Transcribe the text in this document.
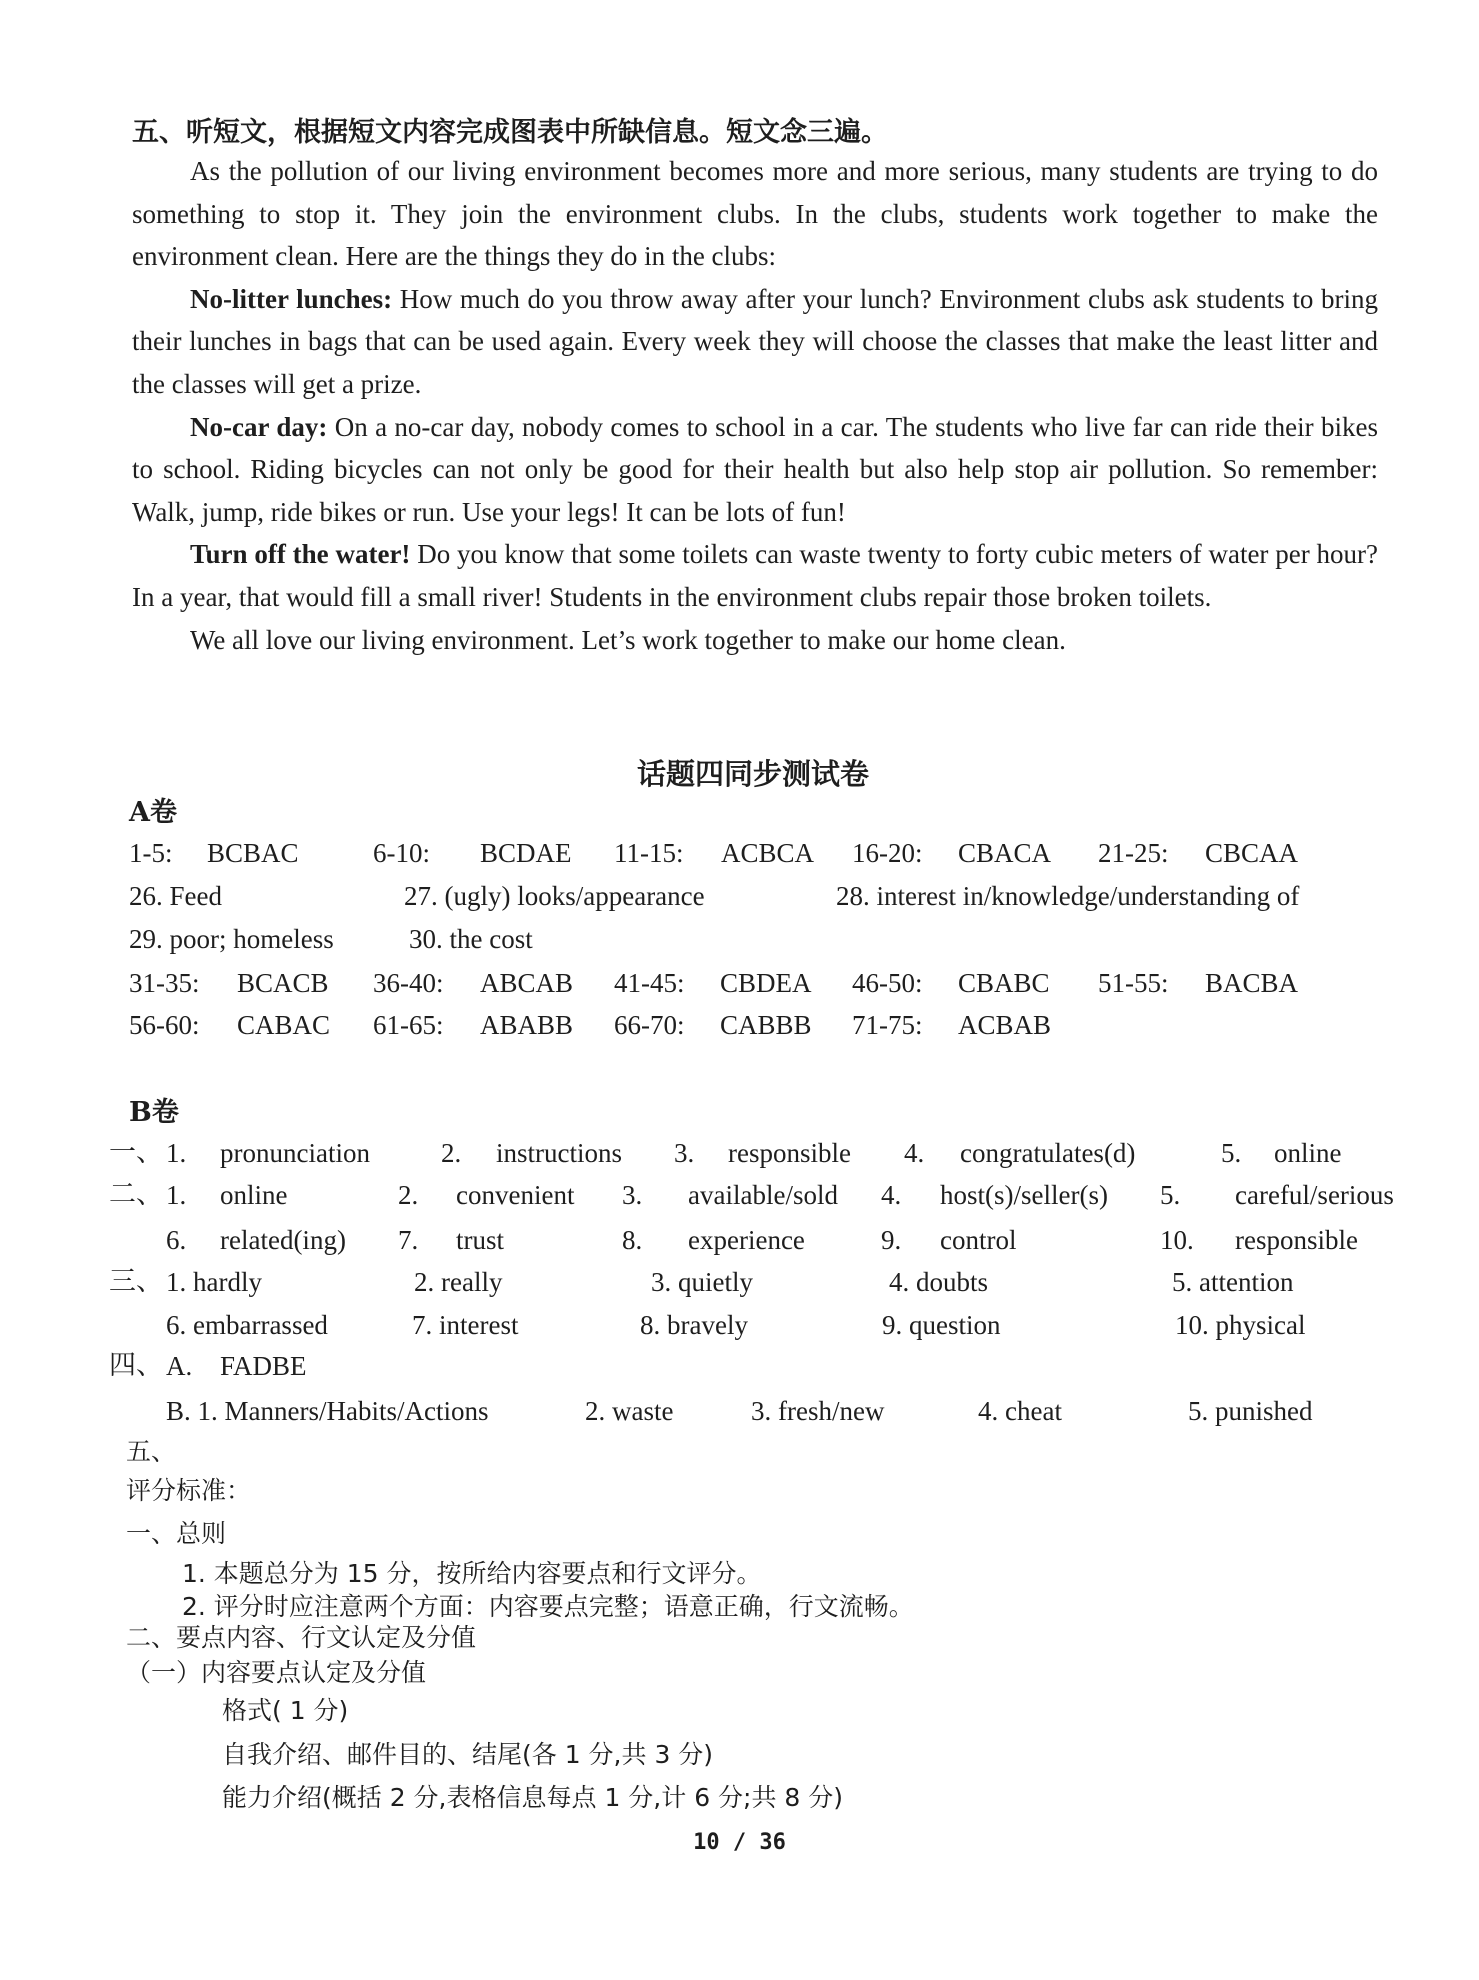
五、听短文，根据短文内容完成图表中所缺信息。短文念三遍。

As the pollution of our living environment becomes more and more serious, many students are trying to do something to stop it. They join the environment clubs. In the clubs, students work together to make the environment clean. Here are the things they do in the clubs:

No-litter lunches: How much do you throw away after your lunch? Environment clubs ask students to bring their lunches in bags that can be used again. Every week they will choose the classes that make the least litter and the classes will get a prize.

No-car day: On a no-car day, nobody comes to school in a car. The students who live far can ride their bikes to school. Riding bicycles can not only be good for their health but also help stop air pollution. So remember: Walk, jump, ride bikes or run. Use your legs! It can be lots of fun!

Turn off the water! Do you know that some toilets can waste twenty to forty cubic meters of water per hour? In a year, that would fill a small river! Students in the environment clubs repair those broken toilets.

We all love our living environment. Let’s work together to make our home clean.

话题四同步测试卷
A卷
1-5: BCBAC	6-10: BCDAE 11-15: ACBCA 16-20: CBACA 21-25: CBCAA
26. Feed	27. (ugly) looks/appearance	28. interest in/knowledge/understanding of
29. poor; homeless	30. the cost
31-35: BCACB 36-40: ABCAB 41-45: CBDEA 46-50: CBABC 51-55: BACBA
56-60: CABAC 61-65: ABABB 66-70: CABBB 71-75: ACBAB
B卷
一、 1. pronunciation	2. instructions 3. responsible 4. congratulates(d)	5. online
二、 1. online	2. convenient 3. available/sold 4. host(s)/seller(s) 5. careful/serious
6. related(ing) 7. trust	8. experience	9. control	10. responsible
三、 1. hardly	2. really	3. quietly	4. doubts	5. attention
6. embarrassed	7. interest	8. bravely	9. question	10. physical
四、 A. FADBE
B. 1. Manners/Habits/Actions	2. waste	3. fresh/new	4. cheat	5. punished
五、
评分标准：
一、总则
1. 本题总分为 15 分，按所给内容要点和行文评分。
2. 评分时应注意两个方面：内容要点完整；语意正确，行文流畅。
二、要点内容、行文认定及分值
（一）内容要点认定及分值
格式( 1 分)
自我介绍、邮件目的、结尾(各 1 分,共 3 分)
能力介绍(概括 2 分,表格信息每点 1 分,计 6 分;共 8 分)
10 / 36
